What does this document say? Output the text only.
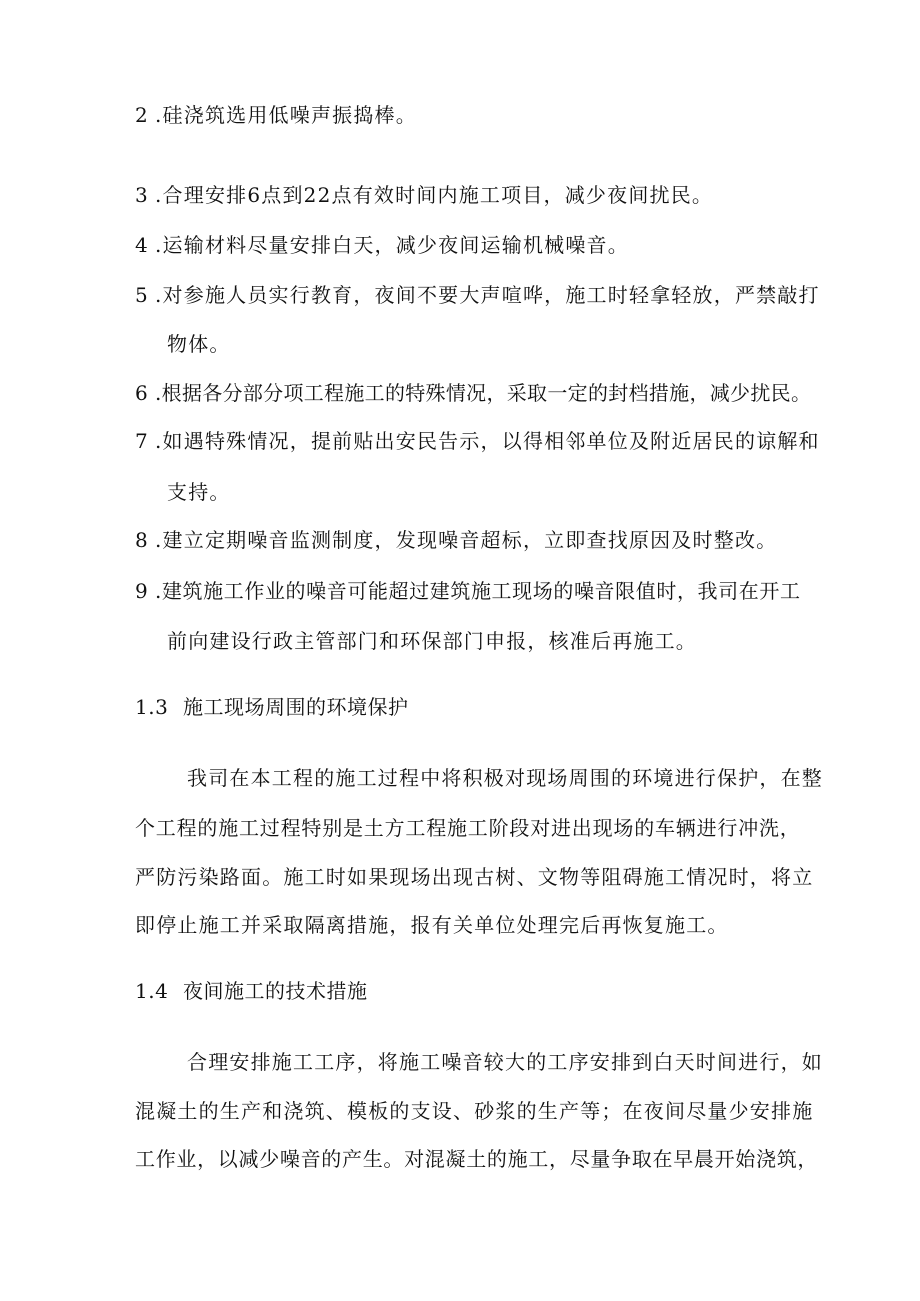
2 .硅浇筑选用低噪声振捣棒。
3 .合理安排6点到22点有效时间内施工项目，减少夜间扰民。
4 .运输材料尽量安排白天，减少夜间运输机械噪音。
5 .对参施人员实行教育，夜间不要大声喧哗，施工时轻拿轻放，严禁敲打
物体。
6 .根据各分部分项工程施工的特殊情况，采取一定的封档措施，减少扰民。
7 .如遇特殊情况，提前贴出安民告示，以得相邻单位及附近居民的谅解和
支持。
8 .建立定期噪音监测制度，发现噪音超标，立即查找原因及时整改。
9 .建筑施工作业的噪音可能超过建筑施工现场的噪音限值时，我司在开工
前向建设行政主管部门和环保部门申报，核准后再施工。
1.3 施工现场周围的环境保护
我司在本工程的施工过程中将积极对现场周围的环境进行保护，在整
个工程的施工过程特别是土方工程施工阶段对进出现场的车辆进行冲洗，
严防污染路面。施工时如果现场出现古树、文物等阻碍施工情况时，将立
即停止施工并采取隔离措施，报有关单位处理完后再恢复施工。
1.4 夜间施工的技术措施
合理安排施工工序，将施工噪音较大的工序安排到白天时间进行，如
混凝土的生产和浇筑、模板的支设、砂浆的生产等；在夜间尽量少安排施
工作业，以减少噪音的产生。对混凝土的施工，尽量争取在早晨开始浇筑，
